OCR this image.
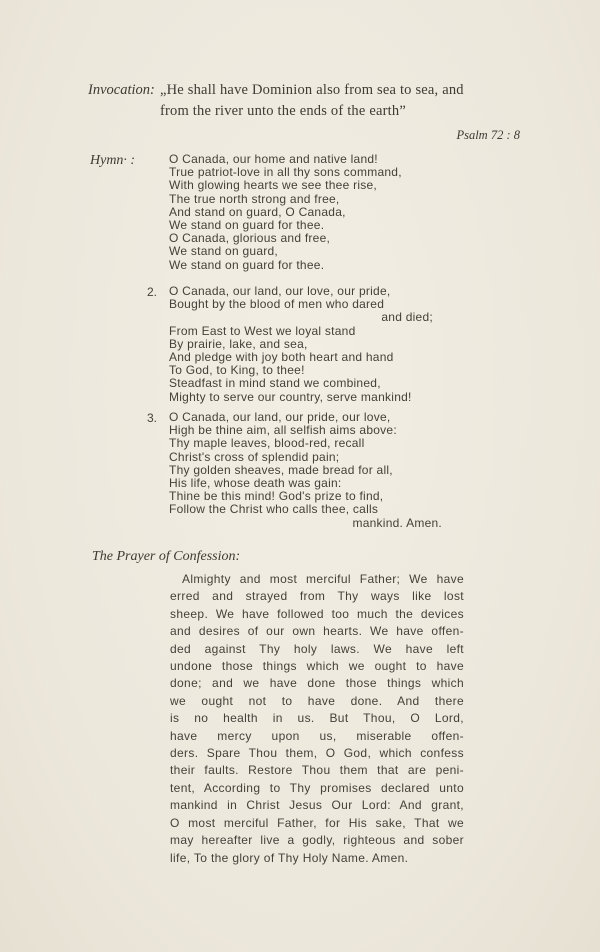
Invocation: „He shall have Dominion also from sea to sea, and
from the river unto the ends of the earth”
Psalm 72 : 8
Hymn· :	O Canada, our home and native land!
True patriot-love in all thy sons command,
With glowing hearts we see thee rise,
The true north strong and free,
And stand on guard, O Canada,
We stand on guard for thee.
O Canada, glorious and free,
We stand on guard,
We stand on guard for thee.
2. O Canada, our land, our love, our pride,
Bought by the blood of men who dared
and died;
From East to West we loyal stand
By prairie, lake, and sea,
And pledge with joy both heart and hand
To God, to King, to thee!
Steadfast in mind stand we combined,
Mighty to serve our country, serve mankind!
3. O Canada, our land, our pride, our love,
High be thine aim, all selfish aims above:
Thy maple leaves, blood-red, recall
Christ's cross of splendid pain;
Thy golden sheaves, made bread for all,
His life, whose death was gain:
Thine be this mind! God's prize to find,
Follow the Christ who calls thee, calls
mankind. Amen.
The Prayer of Confession:
Almighty and most merciful Father; We have
erred and strayed from Thy ways like lost
sheep. We have followed too much the devices
and desires of our own hearts. We have offen-
ded against Thy holy laws. We have left
undone those things which we ought to have
done; and we have done those things which
we ought not to have done. And there
is no health in us. But Thou, O Lord,
have mercy upon us, miserable offen-
ders. Spare Thou them, O God, which confess
their faults. Restore Thou them that are peni-
tent, According to Thy promises declared unto
mankind in Christ Jesus Our Lord: And grant,
O most merciful Father, for His sake, That we
may hereafter live a godly, righteous and sober
life, To the glory of Thy Holy Name. Amen.
